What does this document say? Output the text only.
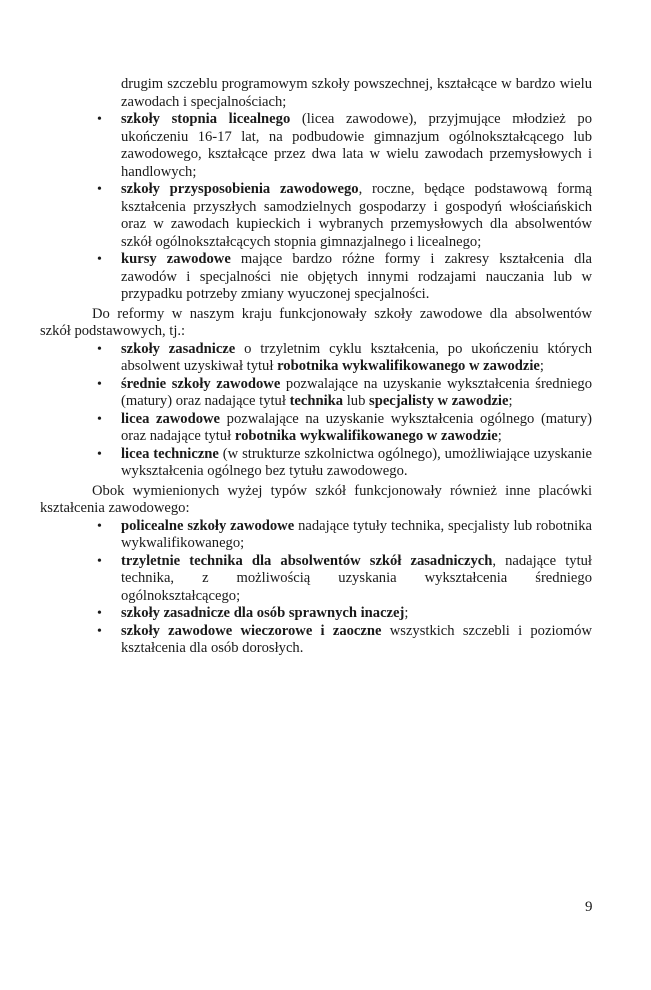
drugim szczeblu programowym szkoły powszechnej, kształcące w bardzo wielu zawodach i specjalnościach;
• szkoły stopnia licealnego (licea zawodowe), przyjmujące młodzież po ukończeniu 16-17 lat, na podbudowie gimnazjum ogólnokształcącego lub zawodowego, kształcące przez dwa lata w wielu zawodach przemysłowych i handlowych;
• szkoły przysposobienia zawodowego, roczne, będące podstawową formą kształcenia przyszłych samodzielnych gospodarzy i gospodyń włościańskich oraz w zawodach kupieckich i wybranych przemysłowych dla absolwentów szkół ogólnokształcących stopnia gimnazjalnego i licealnego;
• kursy zawodowe mające bardzo różne formy i zakresy kształcenia dla zawodów i specjalności nie objętych innymi rodzajami nauczania lub w przypadku potrzeby zmiany wyuczonej specjalności.

Do reformy w naszym kraju funkcjonowały szkoły zawodowe dla absolwentów szkół podstawowych, tj.:

• szkoły zasadnicze o trzyletnim cyklu kształcenia, po ukończeniu których absolwent uzyskiwał tytuł robotnika wykwalifikowanego w zawodzie;
• średnie szkoły zawodowe pozwalające na uzyskanie wykształcenia średniego (matury) oraz nadające tytuł technika lub specjalisty w zawodzie;
• licea zawodowe pozwalające na uzyskanie wykształcenia ogólnego (matury) oraz nadające tytuł robotnika wykwalifikowanego w zawodzie;
• licea techniczne (w strukturze szkolnictwa ogólnego), umożliwiające uzyskanie wykształcenia ogólnego bez tytułu zawodowego.

Obok wymienionych wyżej typów szkół funkcjonowały również inne placówki kształcenia zawodowego:

• policealne szkoły zawodowe nadające tytuły technika, specjalisty lub robotnika wykwalifikowanego;
• trzyletnie technika dla absolwentów szkół zasadniczych, nadające tytuł technika, z możliwością uzyskania wykształcenia średniego ogólnokształcącego;
• szkoły zasadnicze dla osób sprawnych inaczej;
• szkoły zawodowe wieczorowe i zaoczne wszystkich szczebli i poziomów kształcenia dla osób dorosłych.
9
